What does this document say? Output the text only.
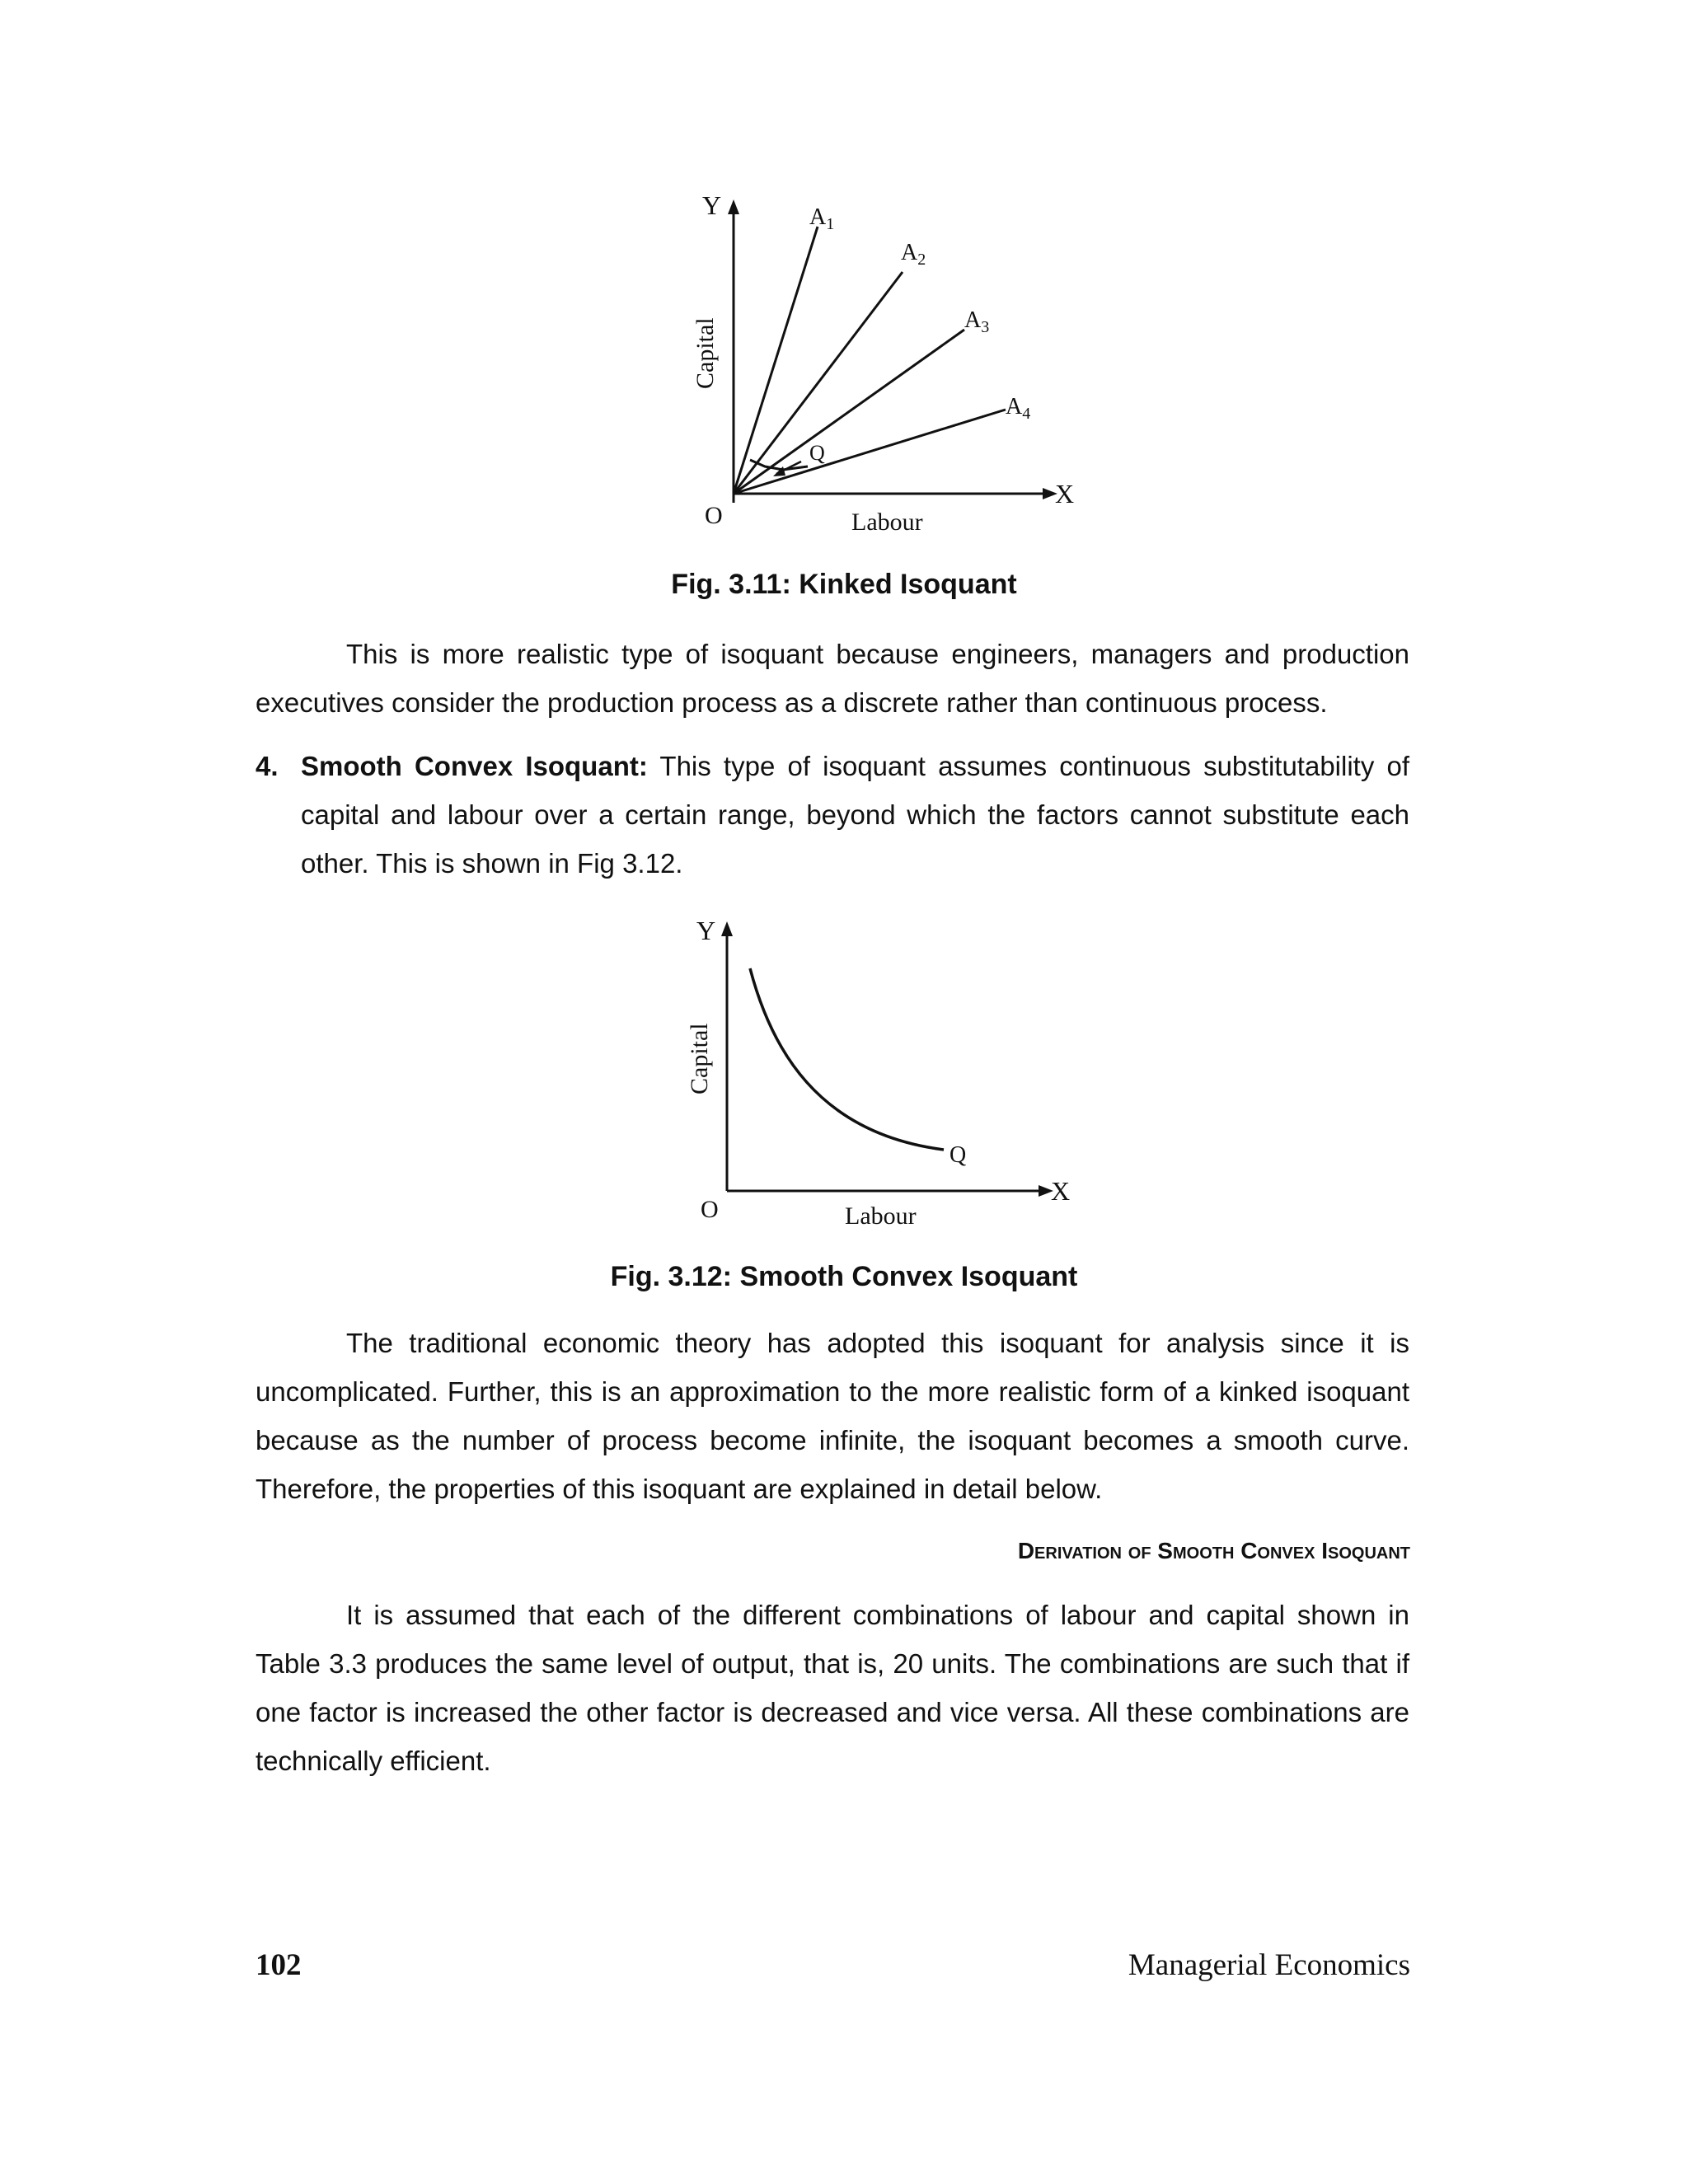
Y
O
X
Labour
Capital
$A_1$
$A_2$
$A_3$
$A_4$
Q
Fig. 3.11: Kinked Isoquant

This is more realistic type of isoquant because engineers, managers and production executives consider the production process as a discrete rather than continuous process.

4. Smooth Convex Isoquant: This type of isoquant assumes continuous substitutability of capital and labour over a certain range, beyond which the factors cannot substitute each other. This is shown in Fig 3.12.
Y
O
X
Labour
Capital
Q
Fig. 3.12: Smooth Convex Isoquant

The traditional economic theory has adopted this isoquant for analysis since it is uncomplicated. Further, this is an approximation to the more realistic form of a kinked isoquant because as the number of process become infinite, the isoquant becomes a smooth curve. Therefore, the properties of this isoquant are explained in detail below.

Derivation of Smooth Convex Isoquant

It is assumed that each of the different combinations of labour and capital shown in Table 3.3 produces the same level of output, that is, 20 units. The combinations are such that if one factor is increased the other factor is decreased and vice versa. All these combinations are technically efficient.

102	Managerial Economics
